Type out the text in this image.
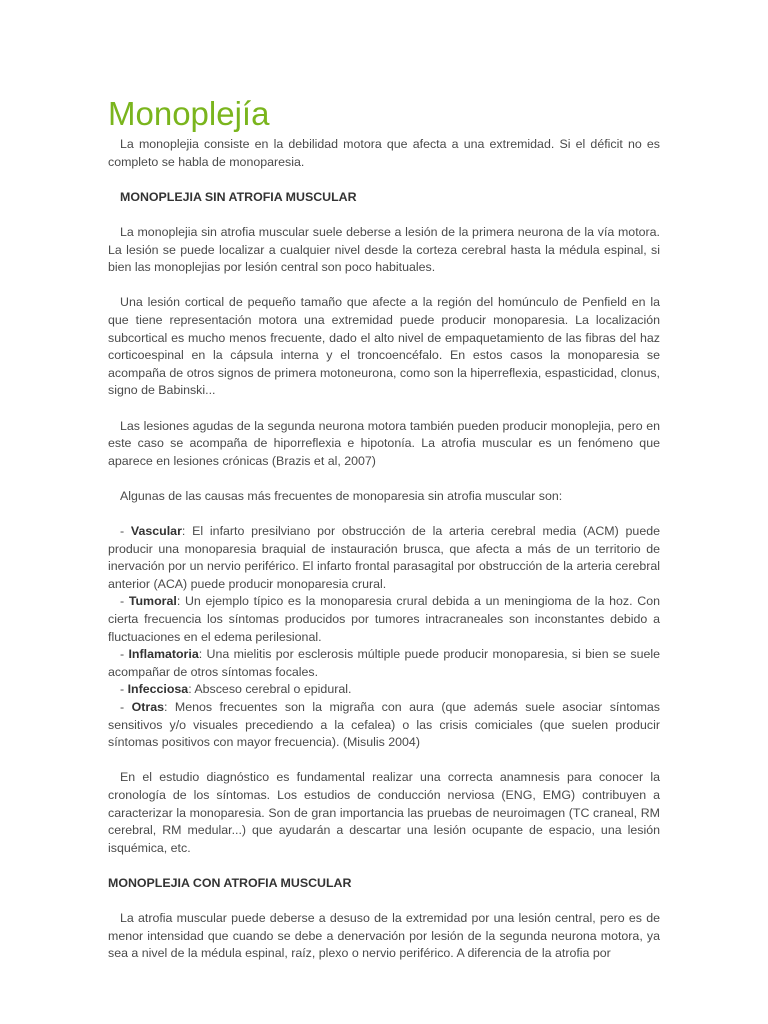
Monoplejía

La monoplejia consiste en la debilidad motora que afecta a una extremidad. Si el déficit no es completo se habla de monoparesia.

MONOPLEJIA SIN ATROFIA MUSCULAR

La monoplejia sin atrofia muscular suele deberse a lesión de la primera neurona de la vía motora. La lesión se puede localizar a cualquier nivel desde la corteza cerebral hasta la médula espinal, si bien las monoplejias por lesión central son poco habituales.

Una lesión cortical de pequeño tamaño que afecte a la región del homúnculo de Penfield en la que tiene representación motora una extremidad puede producir monoparesia. La localización subcortical es mucho menos frecuente, dado el alto nivel de empaquetamiento de las fibras del haz corticoespinal en la cápsula interna y el troncoencéfalo. En estos casos la monoparesia se acompaña de otros signos de primera motoneurona, como son la hiperreflexia, espasticidad, clonus, signo de Babinski...

Las lesiones agudas de la segunda neurona motora también pueden producir monoplejia, pero en este caso se acompaña de hiporreflexia e hipotonía. La atrofia muscular es un fenómeno que aparece en lesiones crónicas (Brazis et al, 2007)

Algunas de las causas más frecuentes de monoparesia sin atrofia muscular son:

- Vascular: El infarto presilviano por obstrucción de la arteria cerebral media (ACM) puede producir una monoparesia braquial de instauración brusca, que afecta a más de un territorio de inervación por un nervio periférico. El infarto frontal parasagital por obstrucción de la arteria cerebral anterior (ACA) puede producir monoparesia crural.

- Tumoral: Un ejemplo típico es la monoparesia crural debida a un meningioma de la hoz. Con cierta frecuencia los síntomas producidos por tumores intracraneales son inconstantes debido a fluctuaciones en el edema perilesional.

- Inflamatoria: Una mielitis por esclerosis múltiple puede producir monoparesia, si bien se suele acompañar de otros síntomas focales.

- Infecciosa: Absceso cerebral o epidural.

- Otras: Menos frecuentes son la migraña con aura (que además suele asociar síntomas sensitivos y/o visuales precediendo a la cefalea) o las crisis comiciales (que suelen producir síntomas positivos con mayor frecuencia). (Misulis 2004)

En el estudio diagnóstico es fundamental realizar una correcta anamnesis para conocer la cronología de los síntomas. Los estudios de conducción nerviosa (ENG, EMG) contribuyen a caracterizar la monoparesia. Son de gran importancia las pruebas de neuroimagen (TC craneal, RM cerebral, RM medular...) que ayudarán a descartar una lesión ocupante de espacio, una lesión isquémica, etc.

MONOPLEJIA CON ATROFIA MUSCULAR

La atrofia muscular puede deberse a desuso de la extremidad por una lesión central, pero es de menor intensidad que cuando se debe a denervación por lesión de la segunda neurona motora, ya sea a nivel de la médula espinal, raíz, plexo o nervio periférico. A diferencia de la atrofia por
